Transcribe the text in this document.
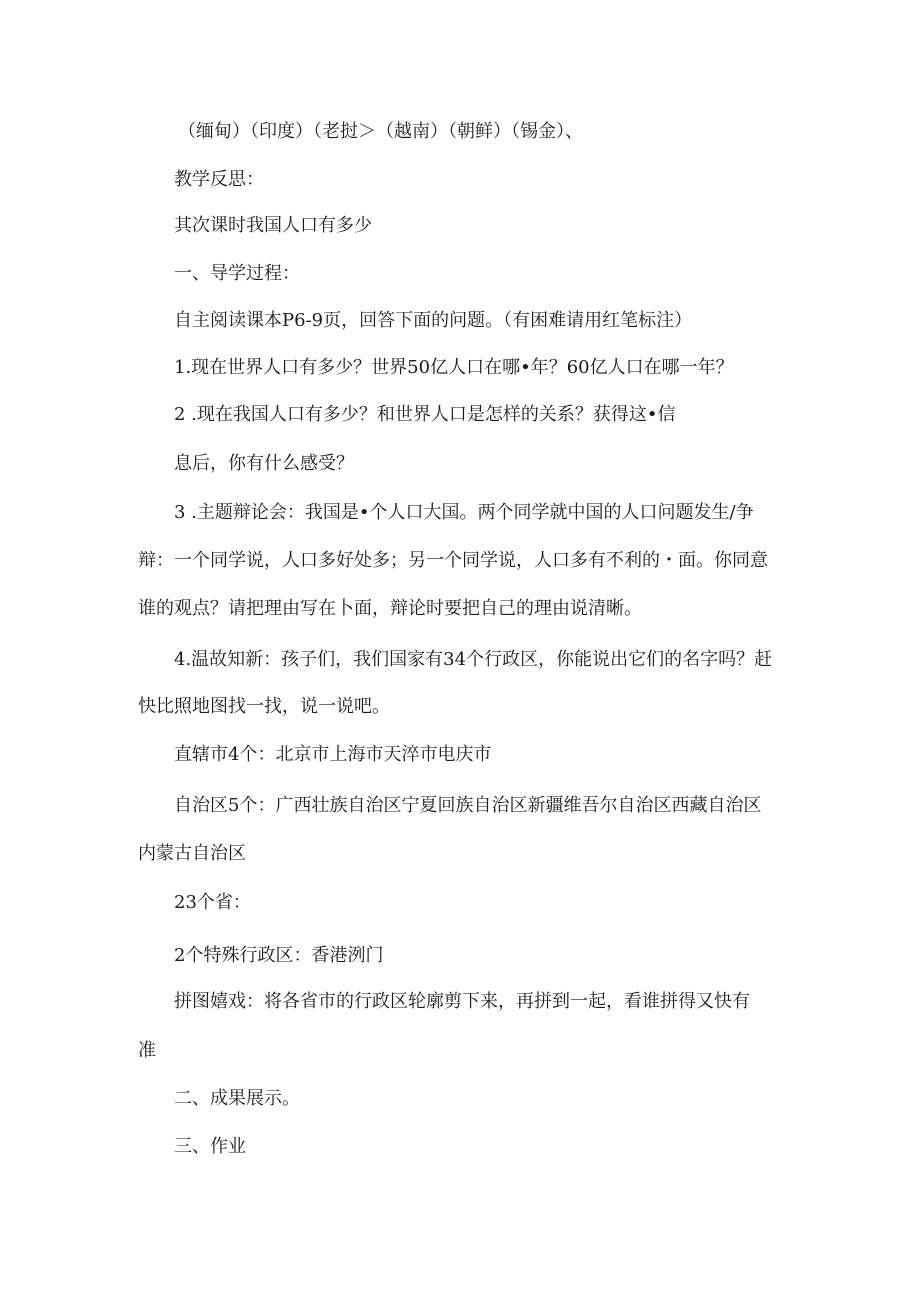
（缅甸）（印度）（老挝＞（越南）（朝鲜）（锡金）、

教学反思：

其次课时我国人口有多少

一、导学过程：

自主阅读课本P6-9页，回答下面的问题。（有困难请用红笔标注）

1.现在世界人口有多少？世界50亿人口在哪•年？60亿人口在哪一年？

2 .现在我国人口有多少？和世界人口是怎样的关系？获得这•信

息后，你有什么感受？

3 .主题辩论会：我国是•个人口大国。两个同学就中国的人口问题发生/争

辩：一个同学说，人口多好处多；另一个同学说，人口多有不利的・面。你同意

谁的观点？请把理由写在卜面，辩论时要把自己的理由说清晰。

4.温故知新：孩子们，我们国家有34个行政区，你能说出它们的名字吗？赶

快比照地图找一找，说一说吧。

直辖市4个：北京市上海市天淬市电庆市

自治区5个：广西壮族自治区宁夏回族自治区新疆维吾尔自治区西藏自治区

内蒙古自治区

23个省：

2个特殊行政区：香港洌门

拼图嬉戏：将各省市的行政区轮廓剪下来，再拼到一起，看谁拼得又快有

准

二、成果展示。

三、作业
